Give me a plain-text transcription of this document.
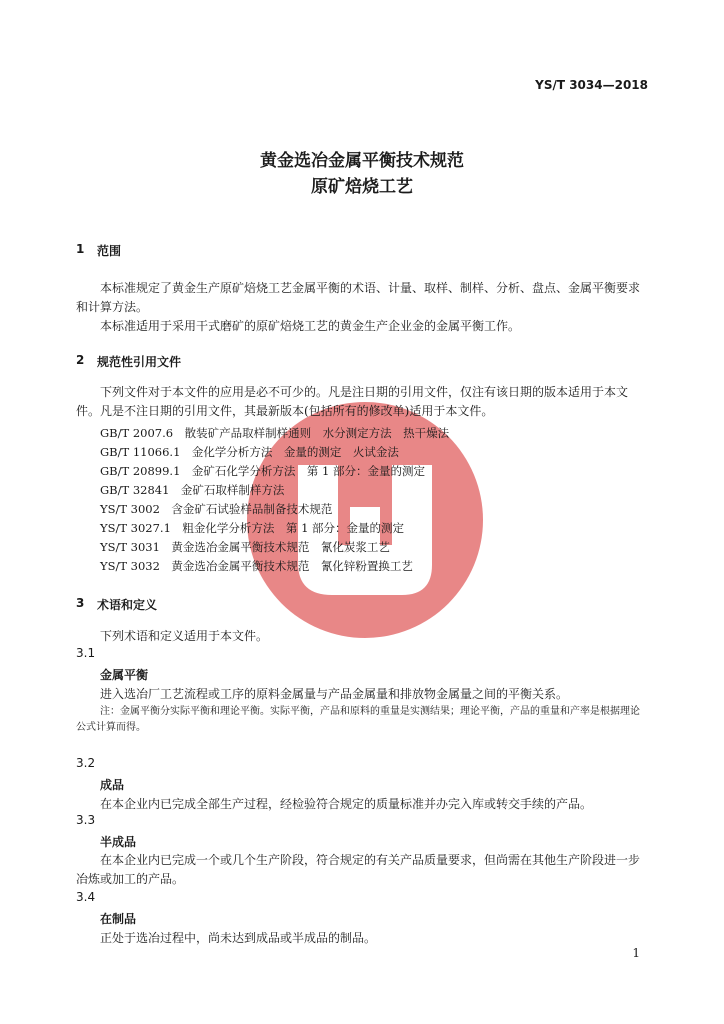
YS/T 3034—2018
黄金选冶金属平衡技术规范
原矿焙烧工艺
1 范围
本标准规定了黄金生产原矿焙烧工艺金属平衡的术语、计量、取样、制样、分析、盘点、金属平衡要求和计算方法。
本标准适用于采用干式磨矿的原矿焙烧工艺的黄金生产企业金的金属平衡工作。
2 规范性引用文件
下列文件对于本文件的应用是必不可少的。凡是注日期的引用文件，仅注有该日期的版本适用于本文件。凡是不注日期的引用文件，其最新版本(包括所有的修改单)适用于本文件。
GB/T 2007.6　散装矿产品取样制样通则　水分测定方法　热干燥法
GB/T 11066.1　金化学分析方法　金量的测定　火试金法
GB/T 20899.1　金矿石化学分析方法　第 1 部分：金量的测定
GB/T 32841　金矿石取样制样方法
YS/T 3002　含金矿石试验样品制备技术规范
YS/T 3027.1　粗金化学分析方法　第 1 部分：金量的测定
YS/T 3031　黄金选冶金属平衡技术规范　氰化炭浆工艺
YS/T 3032　黄金选冶金属平衡技术规范　氰化锌粉置换工艺
3 术语和定义
下列术语和定义适用于本文件。
3.1
金属平衡
进入选冶厂工艺流程或工序的原料金属量与产品金属量和排放物金属量之间的平衡关系。
注：金属平衡分实际平衡和理论平衡。实际平衡，产品和原料的重量是实测结果；理论平衡，产品的重量和产率是根据理论公式计算而得。
3.2
成品
在本企业内已完成全部生产过程，经检验符合规定的质量标准并办完入库或转交手续的产品。
3.3
半成品
在本企业内已完成一个或几个生产阶段，符合规定的有关产品质量要求，但尚需在其他生产阶段进一步冶炼或加工的产品。
3.4
在制品
正处于选冶过程中，尚未达到成品或半成品的制品。
1
